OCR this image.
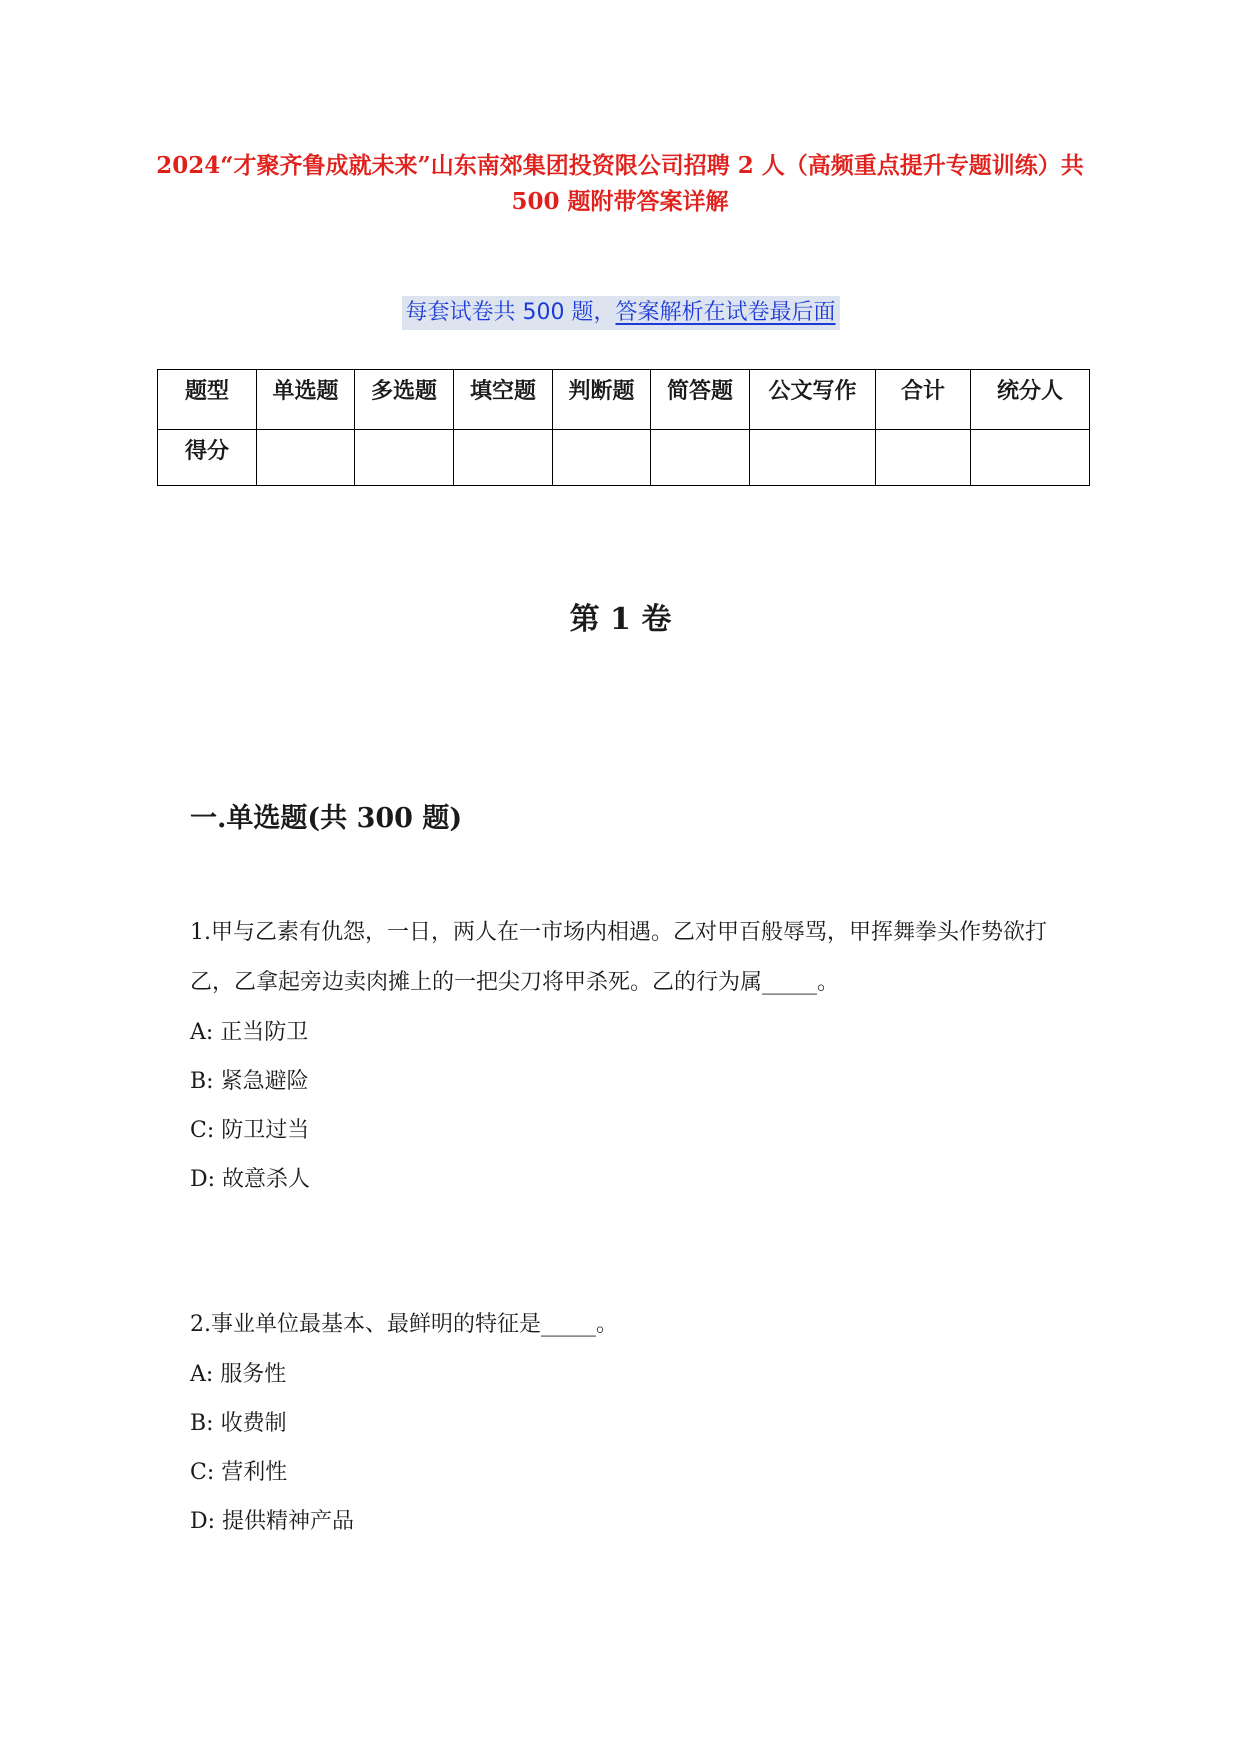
2024“才聚齐鲁成就未来”山东南郊集团投资限公司招聘 2 人（高频重点提升专题训练）共 500 题附带答案详解
每套试卷共 500 题，答案解析在试卷最后面
题型	单选题	多选题	填空题	判断题	简答题	公文写作	合计	统分人
得分								
第 1 卷
一.单选题(共 300 题)
1.甲与乙素有仇怨，一日，两人在一市场内相遇。乙对甲百般辱骂，甲挥舞拳头作势欲打乙，乙拿起旁边卖肉摊上的一把尖刀将甲杀死。乙的行为属_____。
A: 正当防卫
B: 紧急避险
C: 防卫过当
D: 故意杀人
2.事业单位最基本、最鲜明的特征是_____。
A: 服务性
B: 收费制
C: 营利性
D: 提供精神产品
